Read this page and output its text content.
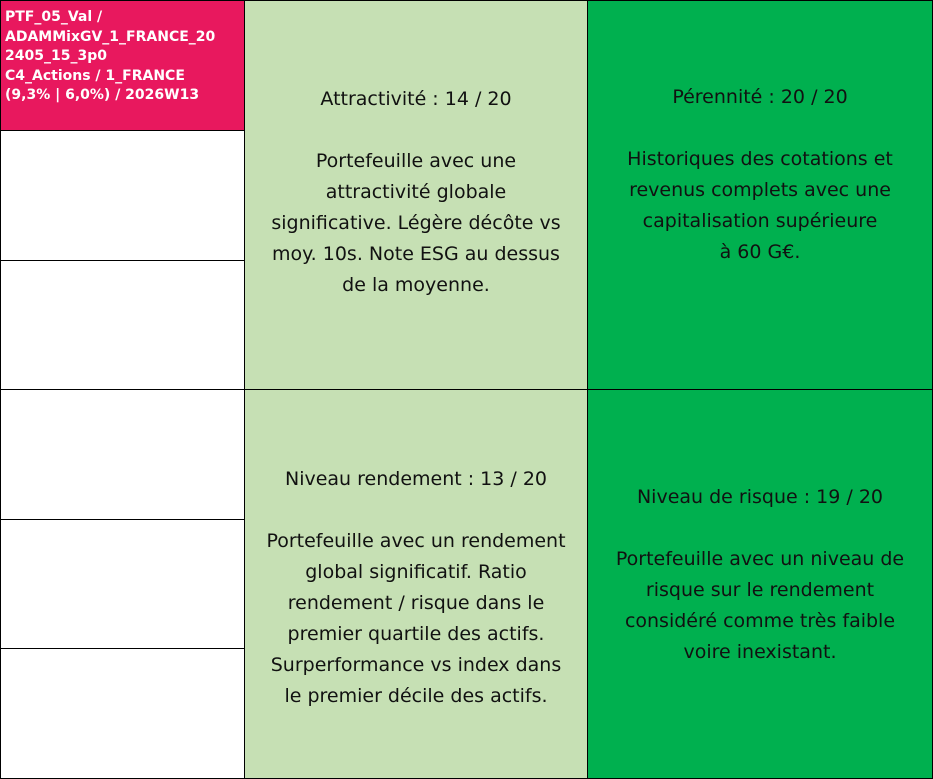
PTF_05_Val /
ADAMMixGV_1_FRANCE_20
2405_15_3p0
C4_Actions / 1_FRANCE
(9,3% | 6,0%) / 2026W13	Attractivité : 14 / 20
Portefeuille avec une
attractivité globale
significative. Légère décôte vs
moy. 10s. Note ESG au dessus
de la moyenne.
Pérennité : 20 / 20
Historiques des cotations et
revenus complets avec une
capitalisation supérieure
à 60 G€.
Niveau rendement : 13 / 20
Portefeuille avec un rendement
global significatif. Ratio
rendement / risque dans le
premier quartile des actifs.
Surperformance vs index dans
le premier décile des actifs.
Niveau de risque : 19 / 20
Portefeuille avec un niveau de
risque sur le rendement
considéré comme très faible
voire inexistant.
